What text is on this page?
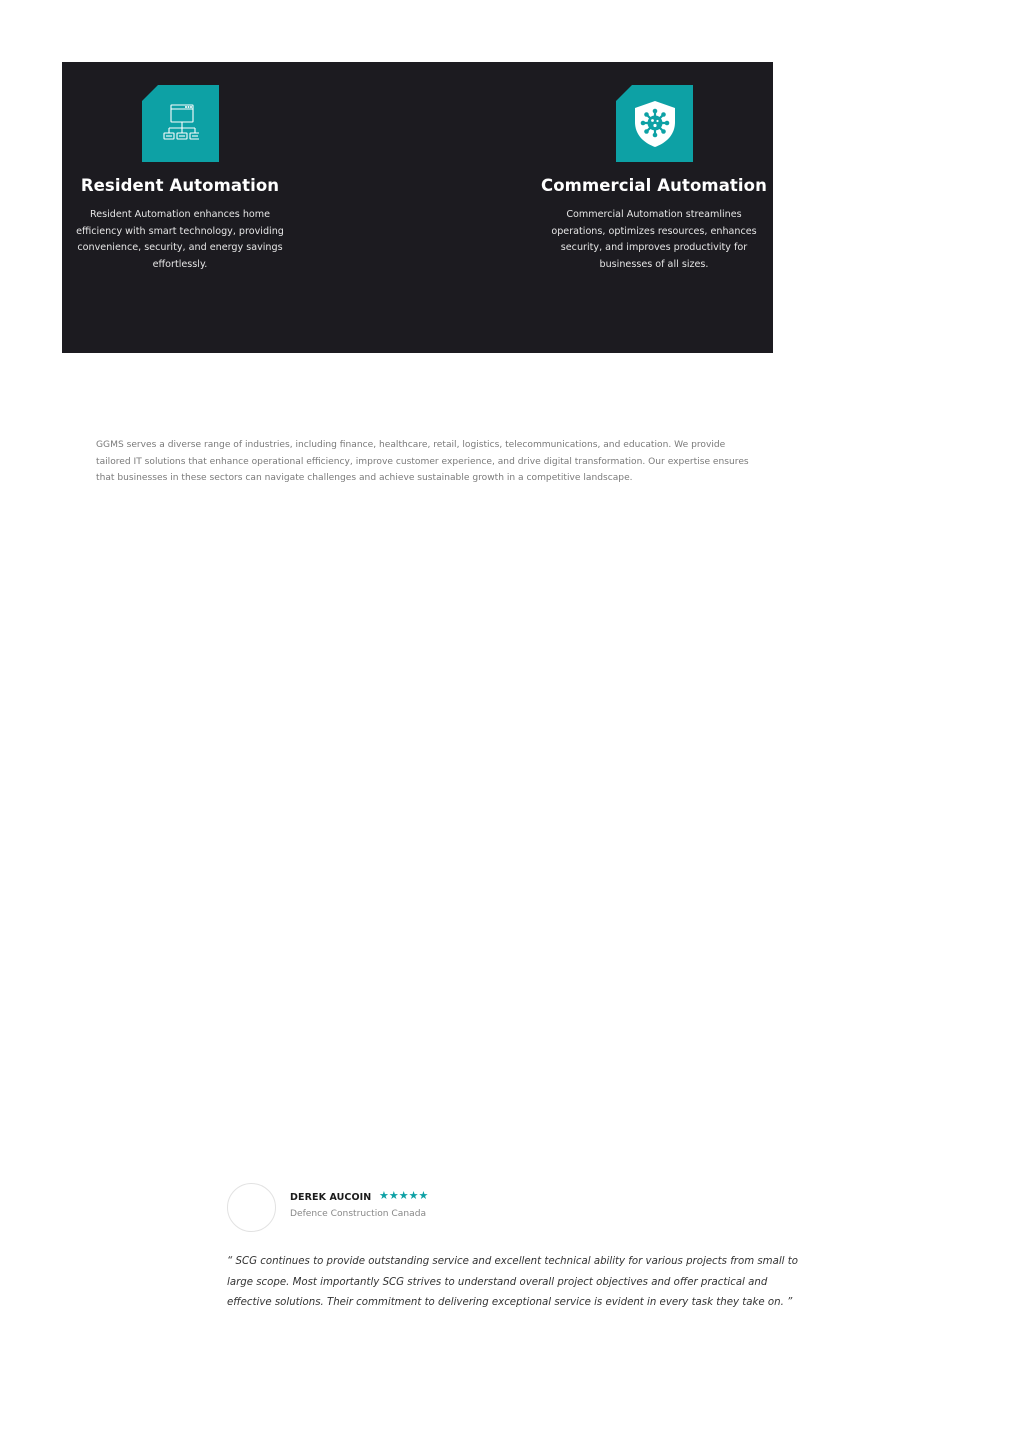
Resident Automation

Resident Automation enhances home efficiency with smart technology, providing convenience, security, and energy savings effortlessly.

Commercial Automation

Commercial Automation streamlines operations, optimizes resources, enhances security, and improves productivity for businesses of all sizes.

GGMS serves a diverse range of industries, including finance, healthcare, retail, logistics, telecommunications, and education. We provide tailored IT solutions that enhance operational efficiency, improve customer experience, and drive digital transformation. Our expertise ensures that businesses in these sectors can navigate challenges and achieve sustainable growth in a competitive landscape.

DEREK AUCOIN ★★★★★
Defence Construction Canada

“ SCG continues to provide outstanding service and excellent technical ability for various projects from small to large scope. Most importantly SCG strives to understand overall project objectives and offer practical and effective solutions. Their commitment to delivering exceptional service is evident in every task they take on. ”
